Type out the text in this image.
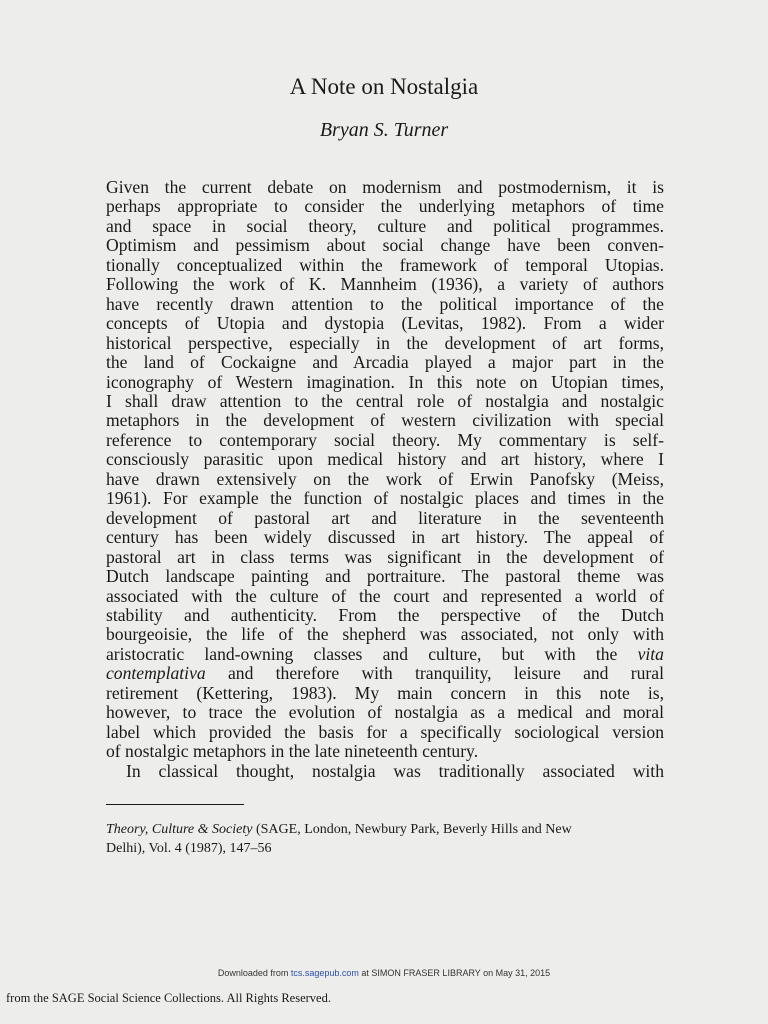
A Note on Nostalgia
Bryan S. Turner
Given the current debate on modernism and postmodernism, it is
perhaps appropriate to consider the underlying metaphors of time
and space in social theory, culture and political programmes.
Optimism and pessimism about social change have been conven-
tionally conceptualized within the framework of temporal Utopias.
Following the work of K. Mannheim (1936), a variety of authors
have recently drawn attention to the political importance of the
concepts of Utopia and dystopia (Levitas, 1982). From a wider
historical perspective, especially in the development of art forms,
the land of Cockaigne and Arcadia played a major part in the
iconography of Western imagination. In this note on Utopian times,
I shall draw attention to the central role of nostalgia and nostalgic
metaphors in the development of western civilization with special
reference to contemporary social theory. My commentary is self-
consciously parasitic upon medical history and art history, where I
have drawn extensively on the work of Erwin Panofsky (Meiss,
1961). For example the function of nostalgic places and times in the
development of pastoral art and literature in the seventeenth
century has been widely discussed in art history. The appeal of
pastoral art in class terms was significant in the development of
Dutch landscape painting and portraiture. The pastoral theme was
associated with the culture of the court and represented a world of
stability and authenticity. From the perspective of the Dutch
bourgeoisie, the life of the shepherd was associated, not only with
aristocratic land-owning classes and culture, but with the vita
contemplativa and therefore with tranquility, leisure and rural
retirement (Kettering, 1983). My main concern in this note is,
however, to trace the evolution of nostalgia as a medical and moral
label which provided the basis for a specifically sociological version
of nostalgic metaphors in the late nineteenth century.
In classical thought, nostalgia was traditionally associated with
Theory, Culture & Society (SAGE, London, Newbury Park, Beverly Hills and New
Delhi), Vol. 4 (1987), 147–56
Downloaded from tcs.sagepub.com at SIMON FRASER LIBRARY on May 31, 2015
from the SAGE Social Science Collections. All Rights Reserved.
